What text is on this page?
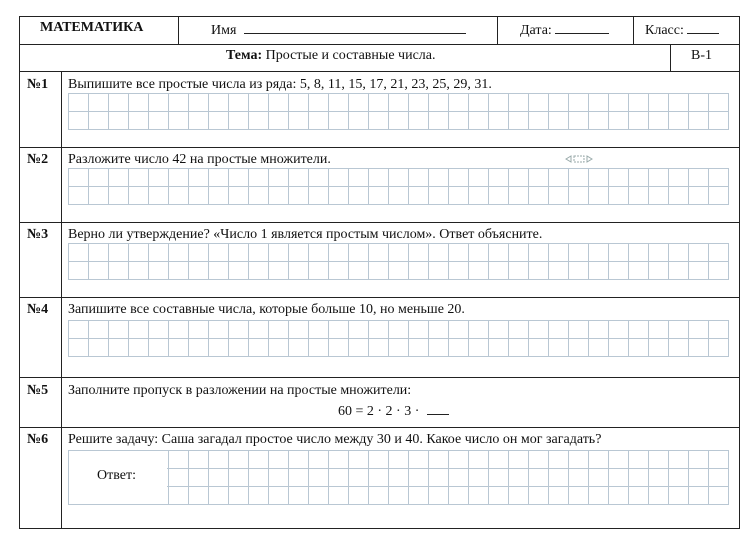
МАТЕМАТИКА	Имя	Дата:	Класс:
Тема: Простые и составные числа.	В-1
№1 Выпишите все простые числа из ряда: 5, 8, 11, 15, 17, 21, 23, 25, 29, 31.
№2 Разложите число 42 на простые множители.
№3 Верно ли утверждение? «Число 1 является простым числом». Ответ объясните.
№4 Запишите все составные числа, которые больше 10, но меньше 20.
№5 Заполните пропуск в разложении на простые множители:
60 = 2 · 2 · 3 ·
№6 Решите задачу: Саша загадал простое число между 30 и 40. Какое число он мог загадать?
Ответ:
